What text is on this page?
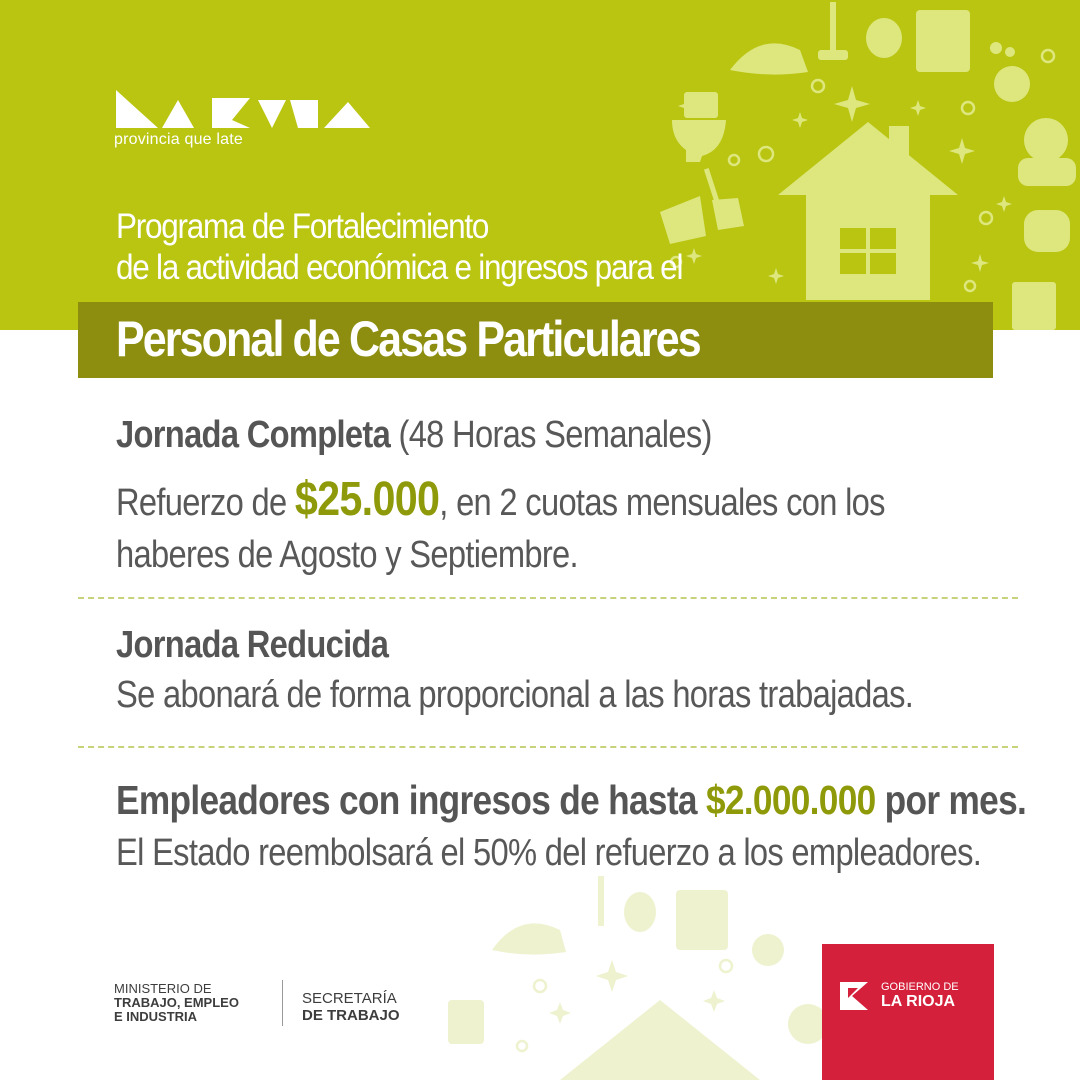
provincia que late
Programa de Fortalecimiento
de la actividad económica e ingresos para el
Personal de Casas Particulares
Jornada Completa (48 Horas Semanales)
Refuerzo de $25.000, en 2 cuotas mensuales con los
haberes de Agosto y Septiembre.
Jornada Reducida
Se abonará de forma proporcional a las horas trabajadas.
Empleadores con ingresos de hasta $2.000.000 por mes.
El Estado reembolsará el 50% del refuerzo a los empleadores.
MINISTERIO DE
TRABAJO, EMPLEO
E INDUSTRIA
SECRETARÍA
DE TRABAJO
GOBIERNO DE
LA RIOJA
